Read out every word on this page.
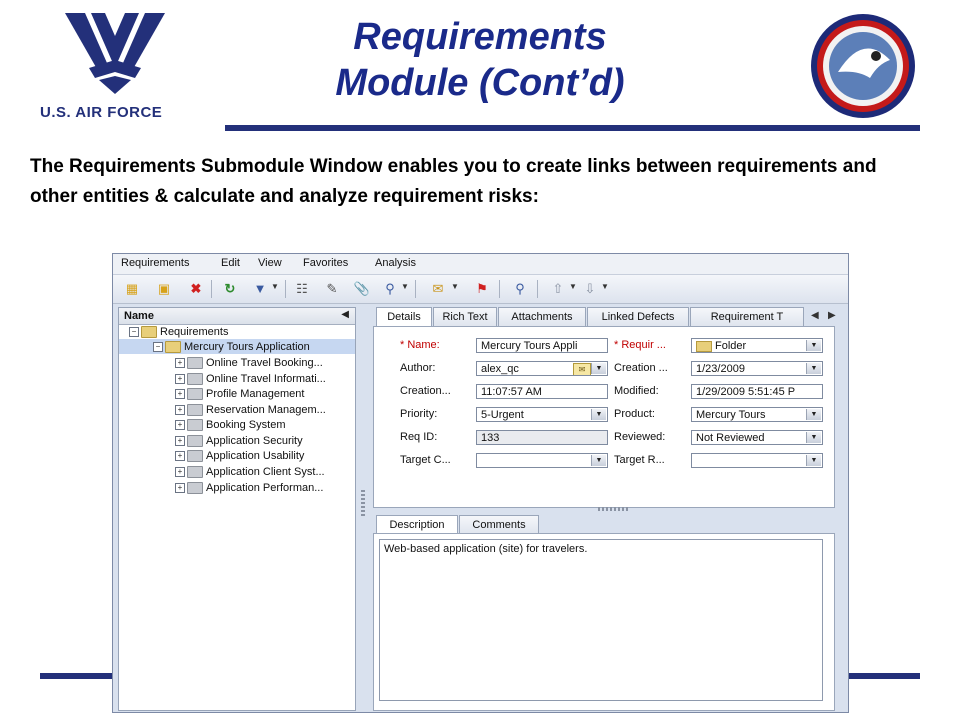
U.S. AIR FORCE
Requirements
Module (Cont’d)
The Requirements Submodule Window enables you to create links between requirements and other entities & calculate and analyze requirement risks:
Requirements	Edit View Favorites Analysis
▦ ▣ ✖ ↻ ▼ ▼ ☷ ✎ 📎	⚲ ▼ ✉ ▼ ⚑	⚲	⇧ ▼ ⇩ ▼
Name	◀
− Requirements
− Mercury Tours Application
+ Online Travel Booking...
+ Online Travel Informati...
+ Profile Management
+ Reservation Managem...
+ Booking System
+ Application Security
+ Application Usability
+ Application Client Syst...
+ Application Performan...
Details	Rich Text	Attachments	Linked Defects	Requirement T	◀ ▶
* Name:	Mercury Tours Appli	* Requir ...	Folder	▼
Author:	alex_qc	✉	▼	Creation ...	1/23/2009	▼
Creation...	11:07:57 AM	Modified:	1/29/2009 5:51:45 P
Priority:	5-Urgent	▼	Product:	Mercury Tours	▼
Req ID:	133	Reviewed:	Not Reviewed	▼
Target C...	▼	Target R...	▼
Description	Comments
Web-based application (site) for travelers.
